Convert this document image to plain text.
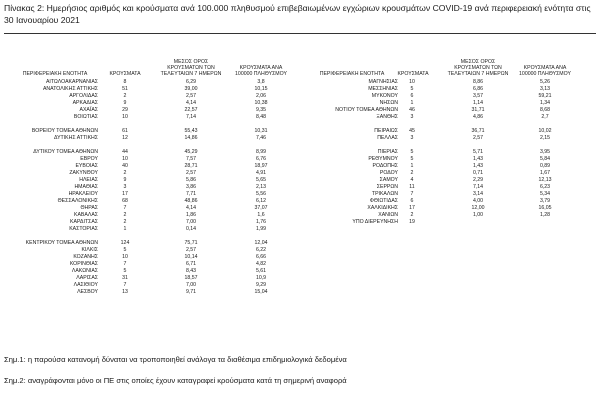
Πίνακας 2: Ημερήσιος αριθμός και κρούσματα ανά 100.000 πληθυσμού επιβεβαιωμένων εγχώριων κρουσμάτων COVID-19 ανά περιφερειακή ενότητα στις 30 Ιανουαρίου 2021
ΠΕΡΙΦΕΡΕΙΑΚΗ ΕΝΟΤΗΤΑ	ΚΡΟΥΣΜΑΤΑ
ΜΕΣΟΣ ΟΡΟΣ
ΚΡΟΥΣΜΑΤΩΝ ΤΩΝ
ΤΕΛΕΥΤΑΙΩΝ 7 ΗΜΕΡΩΝ
ΚΡΟΥΣΜΑΤΑ ΑΝΑ
100000 ΠΛΗΘΥΣΜΟΥ	ΠΕΡΙΦΕΡΕΙΑΚΗ ΕΝΟΤΗΤΑ	ΚΡΟΥΣΜΑΤΑ
ΜΕΣΟΣ ΟΡΟΣ
ΚΡΟΥΣΜΑΤΩΝ ΤΩΝ
ΤΕΛΕΥΤΑΙΩΝ 7 ΗΜΕΡΩΝ
ΚΡΟΥΣΜΑΤΑ ΑΝΑ
100000 ΠΛΗΘΥΣΜΟΥ
ΑΙΤΩΛΟΑΚΑΡΝΑΝΙΑΣ	8	6,29	3,8
ΑΝΑΤΟΛΙΚΗΣ ΑΤΤΙΚΗΣ	51	39,00	10,15
ΑΡΓΟΛΙΔΑΣ	2	2,57	2,06
ΑΡΚΑΔΙΑΣ	9	4,14	10,38
ΑΧΑΪΑΣ	29	22,57	9,35
ΒΟΙΩΤΙΑΣ	10	7,14	8,48
ΒΟΡΕΙΟΥ ΤΟΜΕΑ ΑΘΗΝΩΝ	61	55,43	10,31
ΔΥΤΙΚΗΣ ΑΤΤΙΚΗΣ	12	14,86	7,46
ΔΥΤΙΚΟΥ ΤΟΜΕΑ ΑΘΗΝΩΝ	44	45,29	8,99
ΕΒΡΟΥ	10	7,57	6,76
ΕΥΒΟΙΑΣ	40	28,71	18,97
ΖΑΚΥΝΘΟΥ	2	2,57	4,91
ΗΛΕΙΑΣ	9	5,86	5,65
ΗΜΑΘΙΑΣ	3	3,86	2,13
ΗΡΑΚΛΕΙΟΥ	17	7,71	5,56
ΘΕΣΣΑΛΟΝΙΚΗΣ	68	48,86	6,12
ΘΗΡΑΣ	7	4,14	37,07
ΚΑΒΑΛΑΣ	2	1,86	1,6
ΚΑΡΔΙΤΣΑΣ	2	7,00	1,76
ΚΑΣΤΟΡΙΑΣ	1	0,14	1,99
ΚΕΝΤΡΙΚΟΥ ΤΟΜΕΑ ΑΘΗΝΩΝ	124	75,71	12,04
ΚΙΛΚΙΣ	5	2,57	6,22
ΚΟΖΑΝΗΣ	10	10,14	6,66
ΚΟΡΙΝΘΙΑΣ	7	6,71	4,82
ΛΑΚΩΝΙΑΣ	5	8,43	5,61
ΛΑΡΙΣΑΣ	31	18,57	10,9
ΛΑΣΙΘΙΟΥ	7	7,00	9,29
ΛΕΣΒΟΥ	13	9,71	15,04
ΜΑΓΝΗΣΙΑΣ	10	8,86	5,26
ΜΕΣΣΗΝΙΑΣ	5	6,86	3,13
ΜΥΚΟΝΟΥ	6	3,57	59,21
ΝΗΣΩΝ	1	1,14	1,34
ΝΟΤΙΟΥ ΤΟΜΕΑ ΑΘΗΝΩΝ	46	31,71	8,68
ΞΑΝΘΗΣ	3	4,86	2,7
ΠΕΙΡΑΙΩΣ	45	36,71	10,02
ΠΕΛΛΑΣ	3	2,57	2,15
ΠΙΕΡΙΑΣ	5	5,71	3,95
ΡΕΘΥΜΝΟΥ	5	1,43	5,84
ΡΟΔΟΠΗΣ	1	1,43	0,89
ΡΟΔΟΥ	2	0,71	1,67
ΣΑΜΟΥ	4	2,29	12,13
ΣΕΡΡΩΝ	11	7,14	6,23
ΤΡΙΚΑΛΩΝ	7	3,14	5,34
ΦΘΙΩΤΙΔΑΣ	6	4,00	3,79
ΧΑΛΚΙΔΙΚΗΣ	17	12,00	16,05
ΧΑΝΙΩΝ	2	1,00	1,28
ΥΠΟ ΔΙΕΡΕΥΝΗΣΗ	19
Σημ.1: η παρούσα κατανομή δύναται να τροποποιηθεί ανάλογα τα διαθέσιμα επιδημιολογικά δεδομένα
Σημ.2: αναγράφονται μόνο οι ΠΕ στις οποίες έχουν καταγραφεί κρούσματα κατά τη σημερινή αναφορά
